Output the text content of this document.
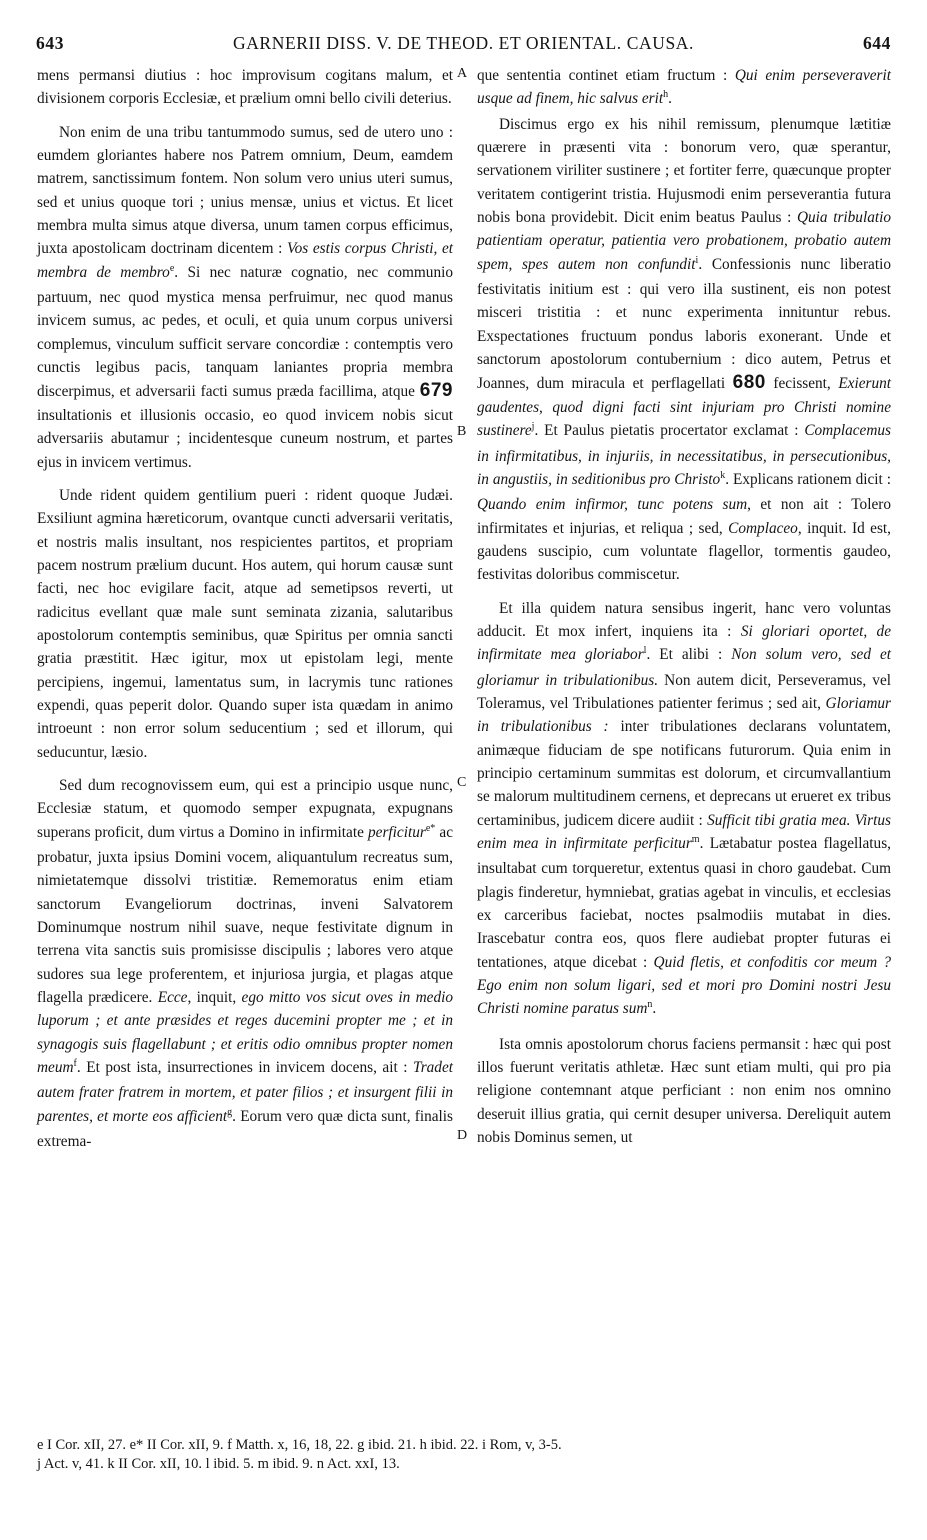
643	GARNERII DISS. V. DE THEOD. ET ORIENTAL. CAUSA.	644
A
B
C
D

mens permansi diutius : hoc improvisum cogitans malum, et divisionem corporis Ecclesiæ, et prælium omni bello civili deterius.

Non enim de una tribu tantummodo sumus, sed de utero uno : eumdem gloriantes habere nos Patrem omnium, Deum, eamdem matrem, sanctissimum fontem. Non solum vero unius uteri sumus, sed et unius quoque tori ; unius mensæ, unius et victus. Et licet membra multa simus atque diversa, unum tamen corpus efficimus, juxta apostolicam doctrinam dicentem : Vos estis corpus Christi, et membra de membro$^e$. Si nec naturæ cognatio, nec communio partuum, nec quod mystica mensa perfruimur, nec quod manus invicem sumus, ac pedes, et oculi, et quia unum corpus universi complemus, vinculum sufficit servare concordiæ : contemptis vero cunctis legibus pacis, tanquam laniantes propria membra discerpimus, et adversarii facti sumus præda facillima, atque 679 insultationis et illusionis occasio, eo quod invicem nobis sicut adversariis abutamur ; incidentesque cuneum nostrum, et partes ejus in invicem vertimus.

Unde rident quidem gentilium pueri : rident quoque Judæi. Exsiliunt agmina hæreticorum, ovantque cuncti adversarii veritatis, et nostris malis insultant, nos respicientes partitos, et propriam pacem nostrum prælium ducunt. Hos autem, qui horum causæ sunt facti, nec hoc evigilare facit, atque ad semetipsos reverti, ut radicitus evellant quæ male sunt seminata zizania, salutaribus apostolorum contemptis seminibus, quæ Spiritus per omnia sancti gratia præstitit. Hæc igitur, mox ut epistolam legi, mente percipiens, ingemui, lamentatus sum, in lacrymis tunc rationes expendi, quas peperit dolor. Quando super ista quædam in animo introeunt : non error solum seducentium ; sed et illorum, qui seducuntur, læsio.

Sed dum recognovissem eum, qui est a principio usque nunc, Ecclesiæ statum, et quomodo semper expugnata, expugnans superans proficit, dum virtus a Domino in infirmitate perficitur$^{e*}$ ac probatur, juxta ipsius Domini vocem, aliquantulum recreatus sum, nimietatemque dissolvi tristitiæ. Rememoratus enim etiam sanctorum Evangeliorum doctrinas, inveni Salvatorem Dominumque nostrum nihil suave, neque festivitate dignum in terrena vita sanctis suis promisisse discipulis ; labores vero atque sudores sua lege proferentem, et injuriosa jurgia, et plagas atque flagella prædicere. Ecce, inquit, ego mitto vos sicut oves in medio luporum ; et ante præsides et reges ducemini propter me ; et in synagogis suis flagellabunt ; et eritis odio omnibus propter nomen meum$^f$. Et post ista, insurrectiones in invicem docens, ait : Tradet autem frater fratrem in mortem, et pater filios ; et insurgent filii in parentes, et morte eos afficient$^g$. Eorum vero quæ dicta sunt, finalis extrema-

que sententia continet etiam fructum : Qui enim perseveraverit usque ad finem, hic salvus erit$^h$.

Discimus ergo ex his nihil remissum, plenumque lætitiæ quærere in præsenti vita : bonorum vero, quæ sperantur, servationem viriliter sustinere ; et fortiter ferre, quæcunque propter veritatem contigerint tristia. Hujusmodi enim perseverantia futura nobis bona providebit. Dicit enim beatus Paulus : Quia tribulatio patientiam operatur, patientia vero probationem, probatio autem spem, spes autem non confundit$^i$. Confessionis nunc liberatio festivitatis initium est : qui vero illa sustinent, eis non potest misceri tristitia : et nunc experimenta innituntur rebus. Exspectationes fructuum pondus laboris exonerant. Unde et sanctorum apostolorum contubernium : dico autem, Petrus et Joannes, dum miracula et perflagellati 680 fecissent, Exierunt gaudentes, quod digni facti sint injuriam pro Christi nomine sustinere$^j$. Et Paulus pietatis procertator exclamat : Complacemus in infirmitatibus, in injuriis, in necessitatibus, in persecutionibus, in angustiis, in seditionibus pro Christo$^k$. Explicans rationem dicit : Quando enim infirmor, tunc potens sum, et non ait : Tolero infirmitates et injurias, et reliqua ; sed, Complaceo, inquit. Id est, gaudens suscipio, cum voluntate flagellor, tormentis gaudeo, festivitas doloribus commiscetur.

Et illa quidem natura sensibus ingerit, hanc vero voluntas adducit. Et mox infert, inquiens ita : Si gloriari oportet, de infirmitate mea gloriabor$^l$. Et alibi : Non solum vero, sed et gloriamur in tribulationibus. Non autem dicit, Perseveramus, vel Toleramus, vel Tribulationes patienter ferimus ; sed ait, Gloriamur in tribulationibus : inter tribulationes declarans voluntatem, animæque fiduciam de spe notificans futurorum. Quia enim in principio certaminum summitas est dolorum, et circumvallantium se malorum multitudinem cernens, et deprecans ut erueret ex tribus certaminibus, judicem dicere audiit : Sufficit tibi gratia mea. Virtus enim mea in infirmitate perficitur$^m$. Lætabatur postea flagellatus, insultabat cum torqueretur, extentus quasi in choro gaudebat. Cum plagis finderetur, hymniebat, gratias agebat in vinculis, et ecclesias ex carceribus faciebat, noctes psalmodiis mutabat in dies. Irascebatur contra eos, quos flere audiebat propter futuras ei tentationes, atque dicebat : Quid fletis, et confoditis cor meum ? Ego enim non solum ligari, sed et mori pro Domini nostri Jesu Christi nomine paratus sum$^n$.

Ista omnis apostolorum chorus faciens permansit : hæc qui post illos fuerunt veritatis athletæ. Hæc sunt etiam multi, qui pro pia religione contemnant atque perficiant : non enim nos omnino deseruit illius gratia, qui cernit desuper universa. Dereliquit autem nobis Dominus semen, ut

e I Cor. xII, 27. e* II Cor. xII, 9. f Matth. x, 16, 18, 22. g ibid. 21. h ibid. 22. i Rom, v, 3-5.

j Act. v, 41. k II Cor. xII, 10. l ibid. 5. m ibid. 9. n Act. xxI, 13.
